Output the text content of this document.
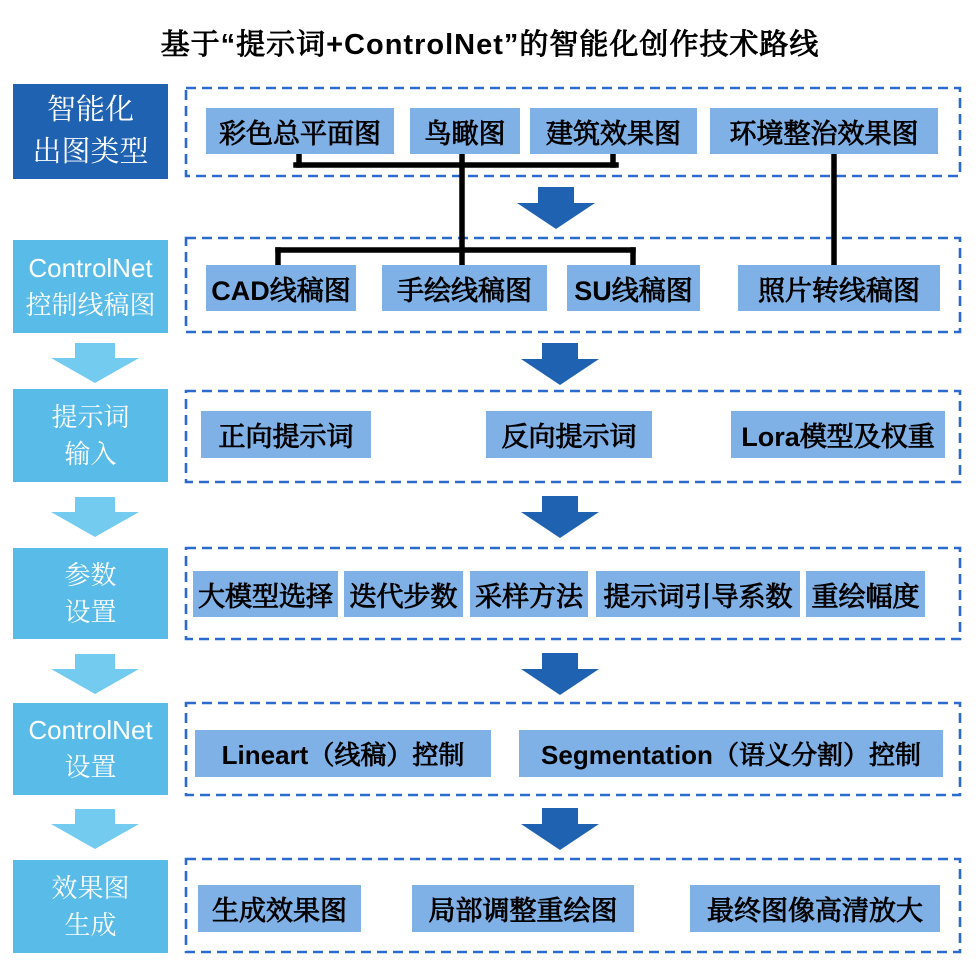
基于“提示词+ControlNet”的智能化创作技术路线
智能化
出图类型
彩色总平面图	鸟瞰图	建筑效果图	环境整治效果图
ControlNet
控制线稿图 CAD线稿图	手绘线稿图	SU线稿图	照片转线稿图
提示词
输入
正向提示词	反向提示词	Lora模型及权重
参数
设置	大模型选择 迭代步数 采样方法 提示词引导系数 重绘幅度
ControlNet
设置	Lineart（线稿）控制	Segmentation（语义分割）控制
效果图
生成	生成效果图	局部调整重绘图	最终图像高清放大
